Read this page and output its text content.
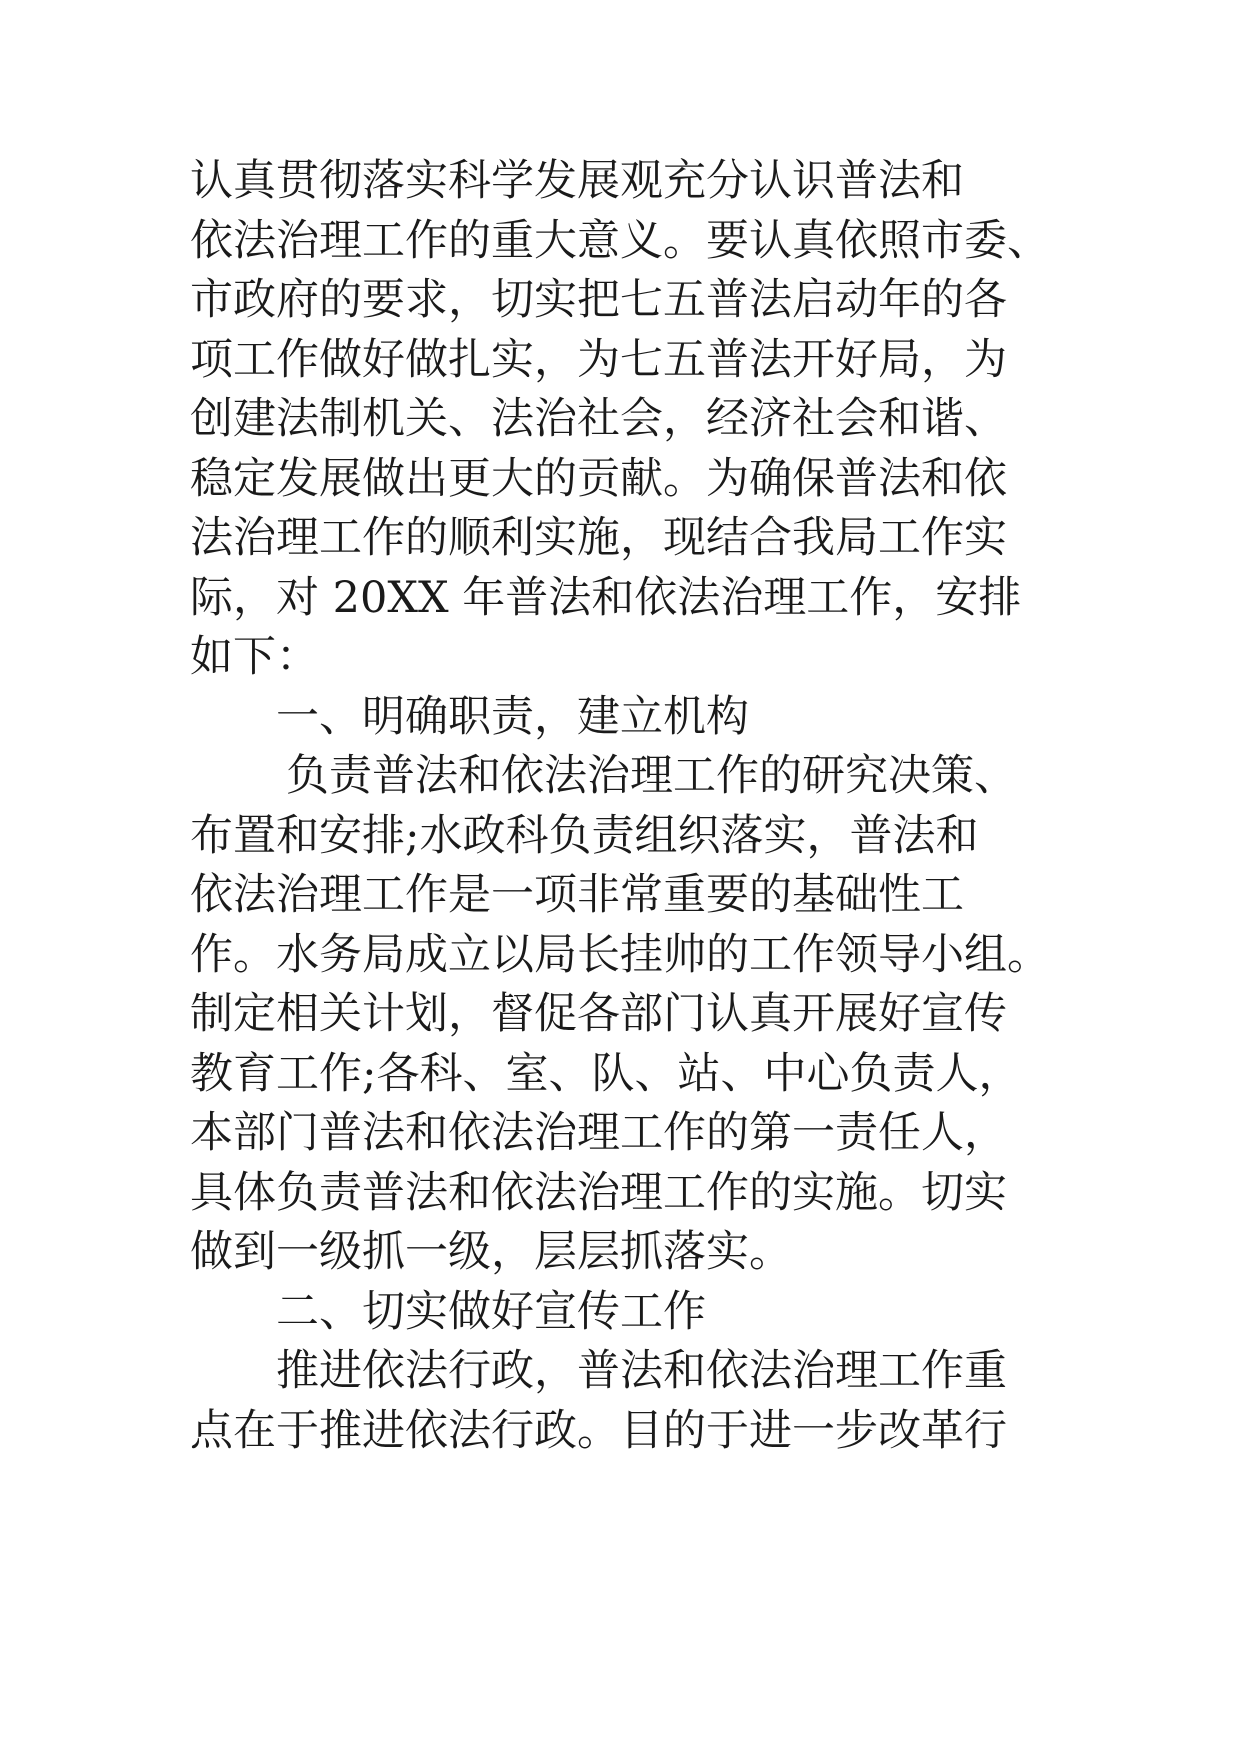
认真贯彻落实科学发展观充分认识普法和
依法治理工作的重大意义。要认真依照市委、
市政府的要求，切实把七五普法启动年的各
项工作做好做扎实，为七五普法开好局，为
创建法制机关、法治社会，经济社会和谐、
稳定发展做出更大的贡献。为确保普法和依
法治理工作的顺利实施，现结合我局工作实
际，对 20XX 年普法和依法治理工作，安排
如下：
一、明确职责，建立机构
负责普法和依法治理工作的研究决策、
布置和安排;水政科负责组织落实，普法和
依法治理工作是一项非常重要的基础性工
作。水务局成立以局长挂帅的工作领导小组。
制定相关计划，督促各部门认真开展好宣传
教育工作;各科、室、队、站、中心负责人，
本部门普法和依法治理工作的第一责任人，
具体负责普法和依法治理工作的实施。切实
做到一级抓一级，层层抓落实。
二、切实做好宣传工作
推进依法行政，普法和依法治理工作重
点在于推进依法行政。目的于进一步改革行
